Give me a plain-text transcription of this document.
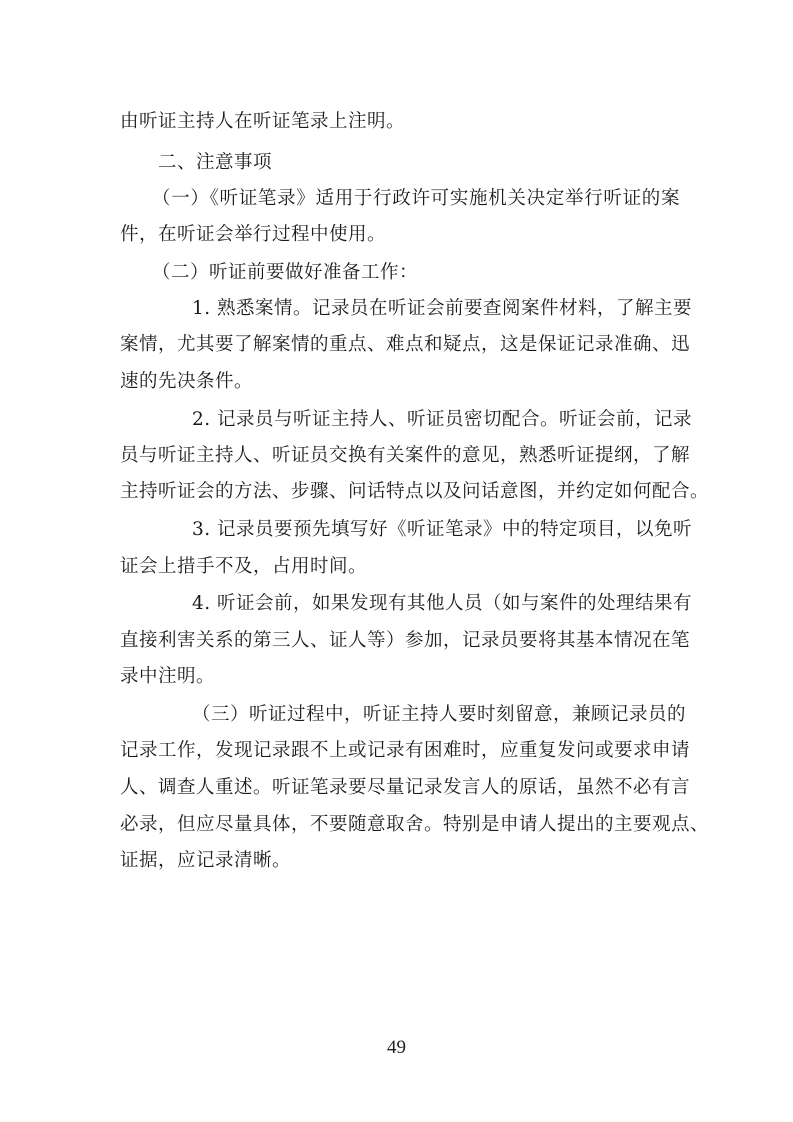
由听证主持人在听证笔录上注明。
二、注意事项
（一）《听证笔录》适用于行政许可实施机关决定举行听证的案
件，在听证会举行过程中使用。
（二）听证前要做好准备工作：
1. 熟悉案情。记录员在听证会前要查阅案件材料，了解主要
案情，尤其要了解案情的重点、难点和疑点，这是保证记录准确、迅
速的先决条件。
2. 记录员与听证主持人、听证员密切配合。听证会前，记录
员与听证主持人、听证员交换有关案件的意见，熟悉听证提纲，了解
主持听证会的方法、步骤、问话特点以及问话意图，并约定如何配合。
3. 记录员要预先填写好《听证笔录》中的特定项目，以免听
证会上措手不及，占用时间。
4. 听证会前，如果发现有其他人员（如与案件的处理结果有
直接利害关系的第三人、证人等）参加，记录员要将其基本情况在笔
录中注明。
（三）听证过程中，听证主持人要时刻留意，兼顾记录员的
记录工作，发现记录跟不上或记录有困难时，应重复发问或要求申请
人、调查人重述。听证笔录要尽量记录发言人的原话，虽然不必有言
必录，但应尽量具体，不要随意取舍。特别是申请人提出的主要观点、
证据，应记录清晰。
49
